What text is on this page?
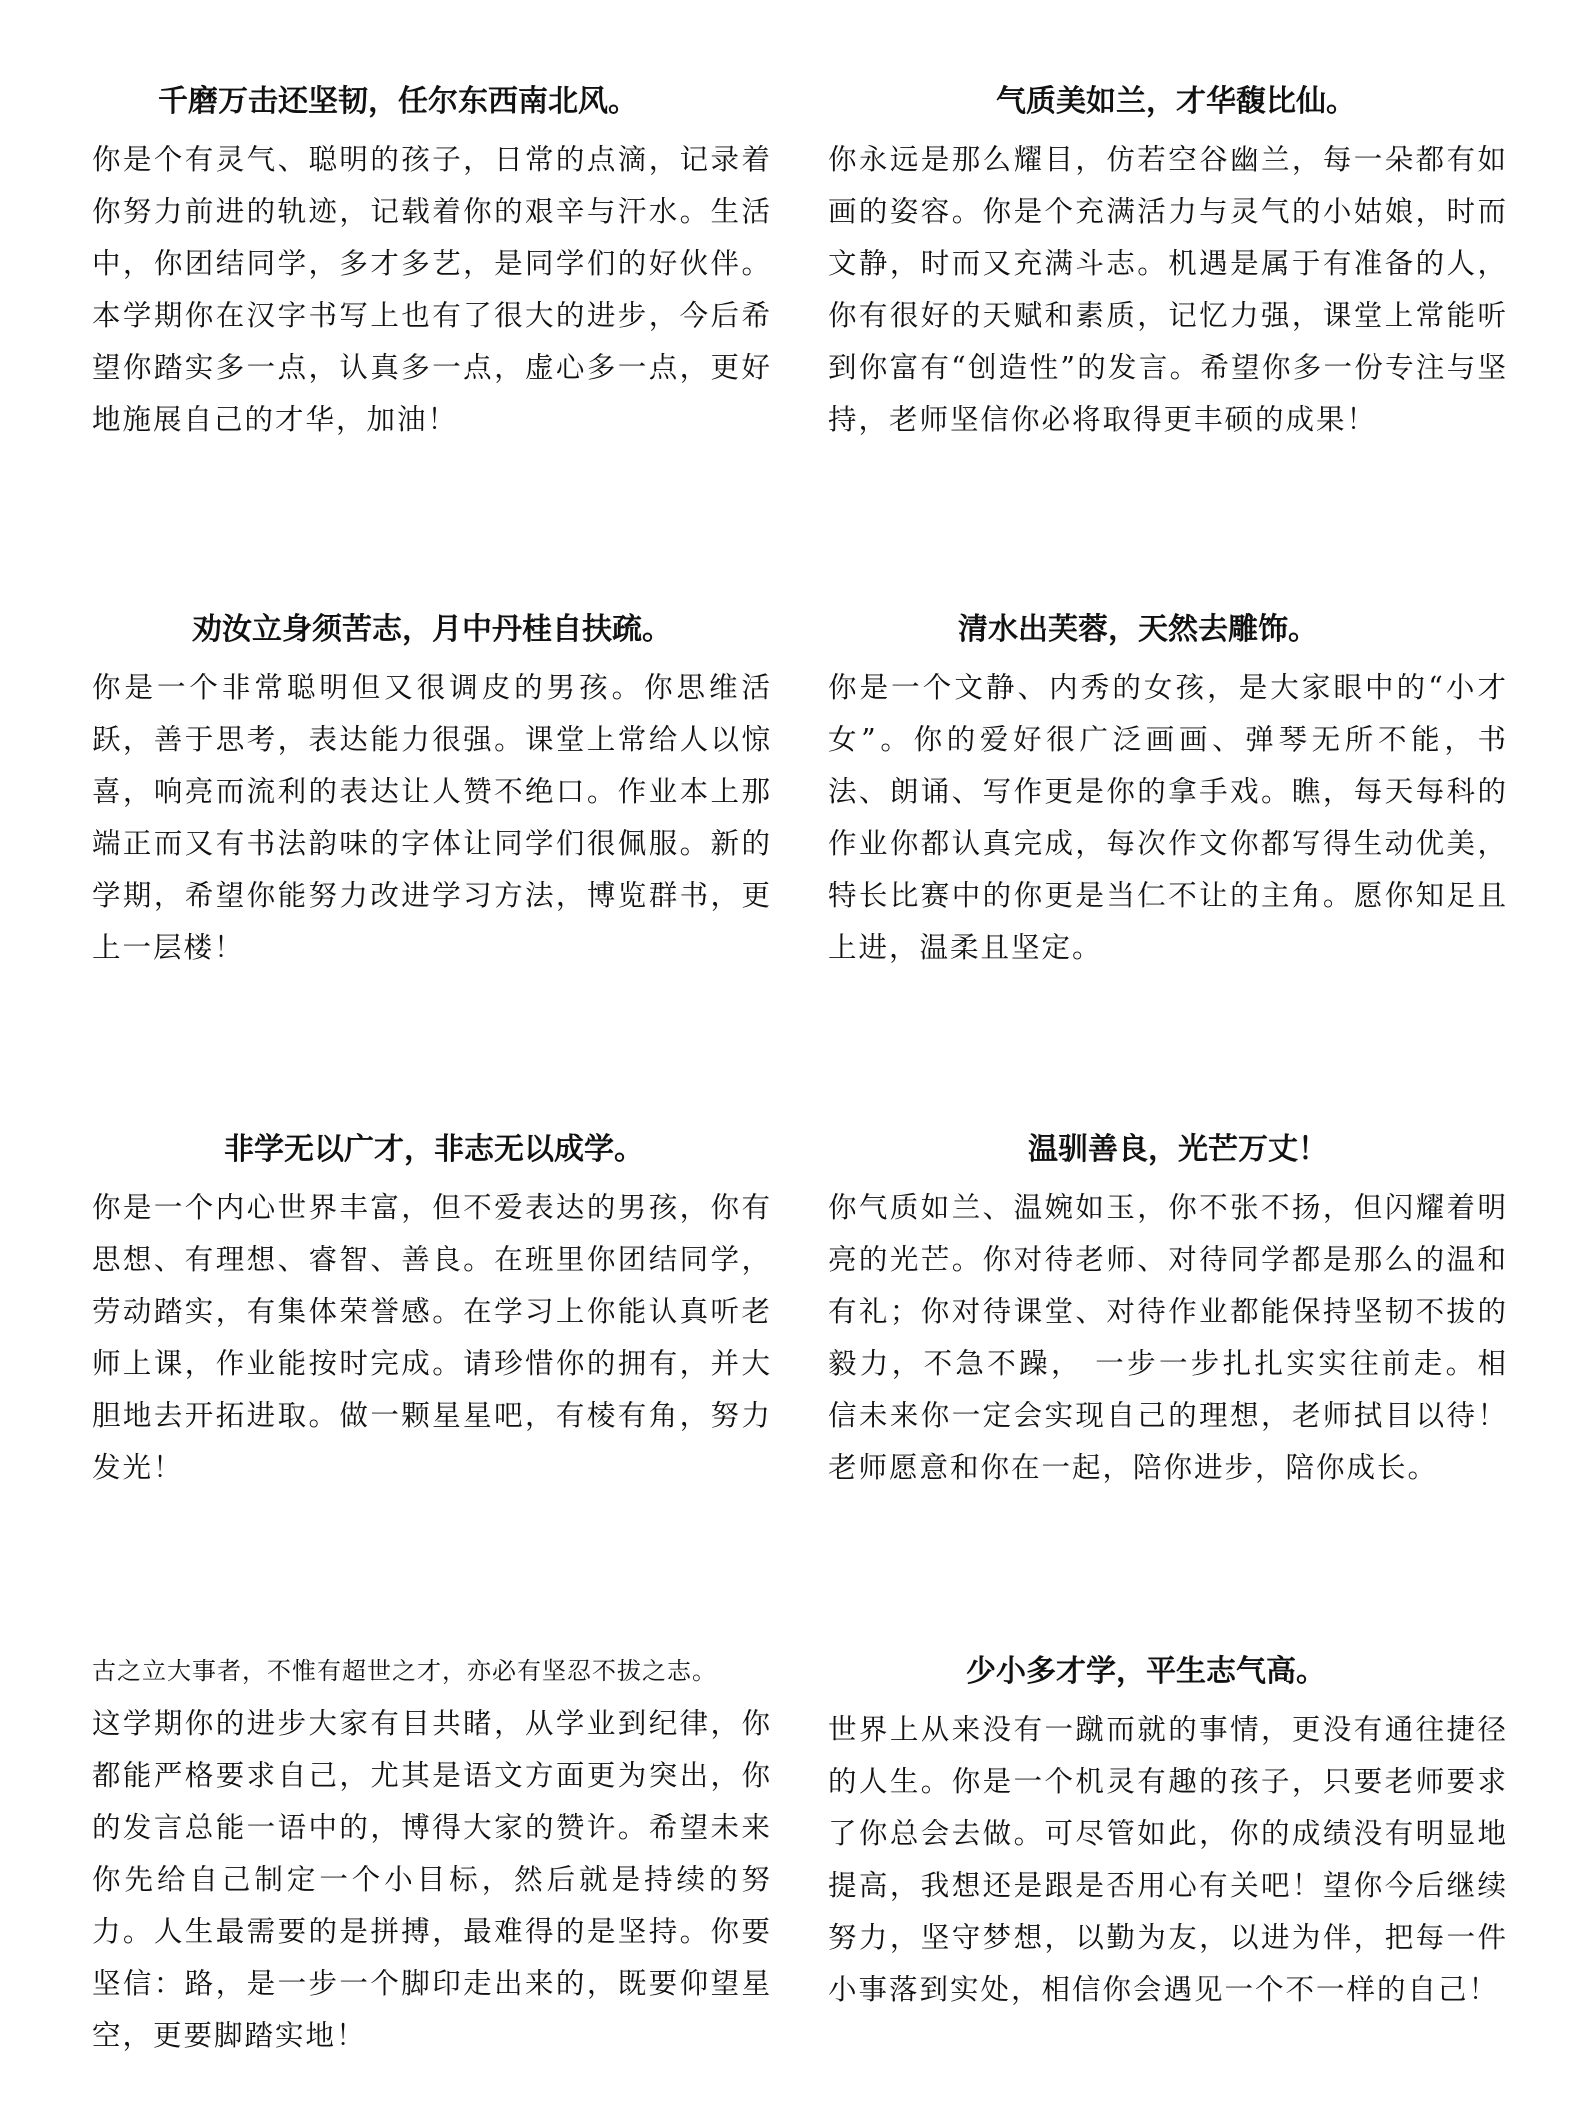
千磨万击还坚韧，任尔东西南北风。

你是个有灵气、聪明的孩子，日常的点滴，记录着你努力前进的轨迹，记载着你的艰辛与汗水。生活中，你团结同学，多才多艺，是同学们的好伙伴。本学期你在汉字书写上也有了很大的进步，今后希望你踏实多一点，认真多一点，虚心多一点，更好地施展自己的才华，加油！

气质美如兰，才华馥比仙。

你永远是那么耀目，仿若空谷幽兰，每一朵都有如画的姿容。你是个充满活力与灵气的小姑娘，时而文静，时而又充满斗志。机遇是属于有准备的人，你有很好的天赋和素质，记忆力强，课堂上常能听到你富有“创造性”的发言。希望你多一份专注与坚持，老师坚信你必将取得更丰硕的成果！

劝汝立身须苦志，月中丹桂自扶疏。

你是一个非常聪明但又很调皮的男孩。你思维活跃，善于思考，表达能力很强。课堂上常给人以惊喜，响亮而流利的表达让人赞不绝口。作业本上那端正而又有书法韵味的字体让同学们很佩服。新的学期，希望你能努力改进学习方法，博览群书，更上一层楼！

清水出芙蓉，天然去雕饰。

你是一个文静、内秀的女孩，是大家眼中的“小才女”。你的爱好很广泛画画、弹琴无所不能，书法、朗诵、写作更是你的拿手戏。瞧，每天每科的作业你都认真完成，每次作文你都写得生动优美，特长比赛中的你更是当仁不让的主角。愿你知足且上进，温柔且坚定。

非学无以广才，非志无以成学。

你是一个内心世界丰富，但不爱表达的男孩，你有思想、有理想、睿智、善良。在班里你团结同学，劳动踏实，有集体荣誉感。在学习上你能认真听老师上课，作业能按时完成。请珍惜你的拥有，并大胆地去开拓进取。做一颗星星吧，有棱有角，努力发光！

温驯善良，光芒万丈！

你气质如兰、温婉如玉，你不张不扬，但闪耀着明亮的光芒。你对待老师、对待同学都是那么的温和有礼；你对待课堂、对待作业都能保持坚韧不拔的毅力，不急不躁， 一步一步扎扎实实往前走。相信未来你一定会实现自己的理想，老师拭目以待！老师愿意和你在一起，陪你进步，陪你成长。

古之立大事者，不惟有超世之才，亦必有坚忍不拔之志。

这学期你的进步大家有目共睹，从学业到纪律，你都能严格要求自己，尤其是语文方面更为突出，你的发言总能一语中的，博得大家的赞许。希望未来你先给自己制定一个小目标，然后就是持续的努力。人生最需要的是拼搏，最难得的是坚持。你要坚信：路，是一步一个脚印走出来的，既要仰望星空，更要脚踏实地！

少小多才学，平生志气高。

世界上从来没有一蹴而就的事情，更没有通往捷径的人生。你是一个机灵有趣的孩子，只要老师要求了你总会去做。可尽管如此，你的成绩没有明显地提高，我想还是跟是否用心有关吧！望你今后继续努力，坚守梦想，以勤为友，以进为伴，把每一件小事落到实处，相信你会遇见一个不一样的自己！
